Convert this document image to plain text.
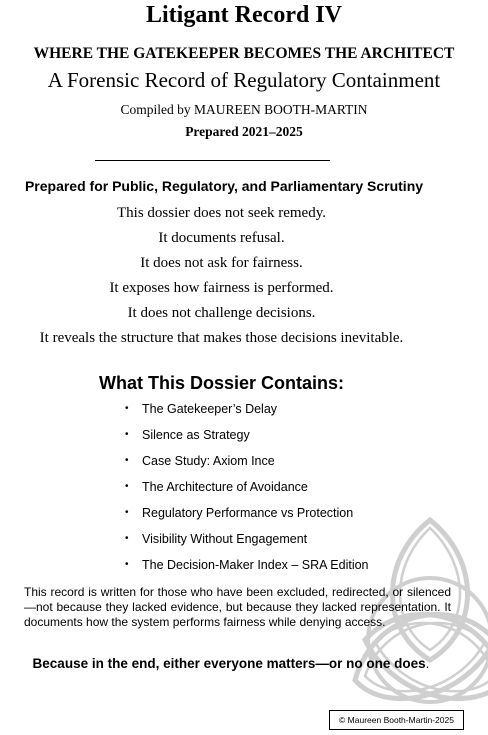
Litigant Record IV
WHERE THE GATEKEEPER BECOMES THE ARCHITECT
A Forensic Record of Regulatory Containment
Compiled by MAUREEN BOOTH-MARTIN
Prepared 2021–2025
Prepared for Public, Regulatory, and Parliamentary Scrutiny
This dossier does not seek remedy.
It documents refusal.
It does not ask for fairness.
It exposes how fairness is performed.
It does not challenge decisions.
It reveals the structure that makes those decisions inevitable.
What This Dossier Contains:
• The Gatekeeper’s Delay
• Silence as Strategy
• Case Study: Axiom Ince
• The Architecture of Avoidance
• Regulatory Performance vs Protection
• Visibility Without Engagement
• The Decision-Maker Index – SRA Edition
This record is written for those who have been excluded, redirected, or silenced—not because they lacked evidence, but because they lacked representation. It documents how the system performs fairness while denying access.
Because in the end, either everyone matters—or no one does.
© Maureen Booth-Martin-2025
